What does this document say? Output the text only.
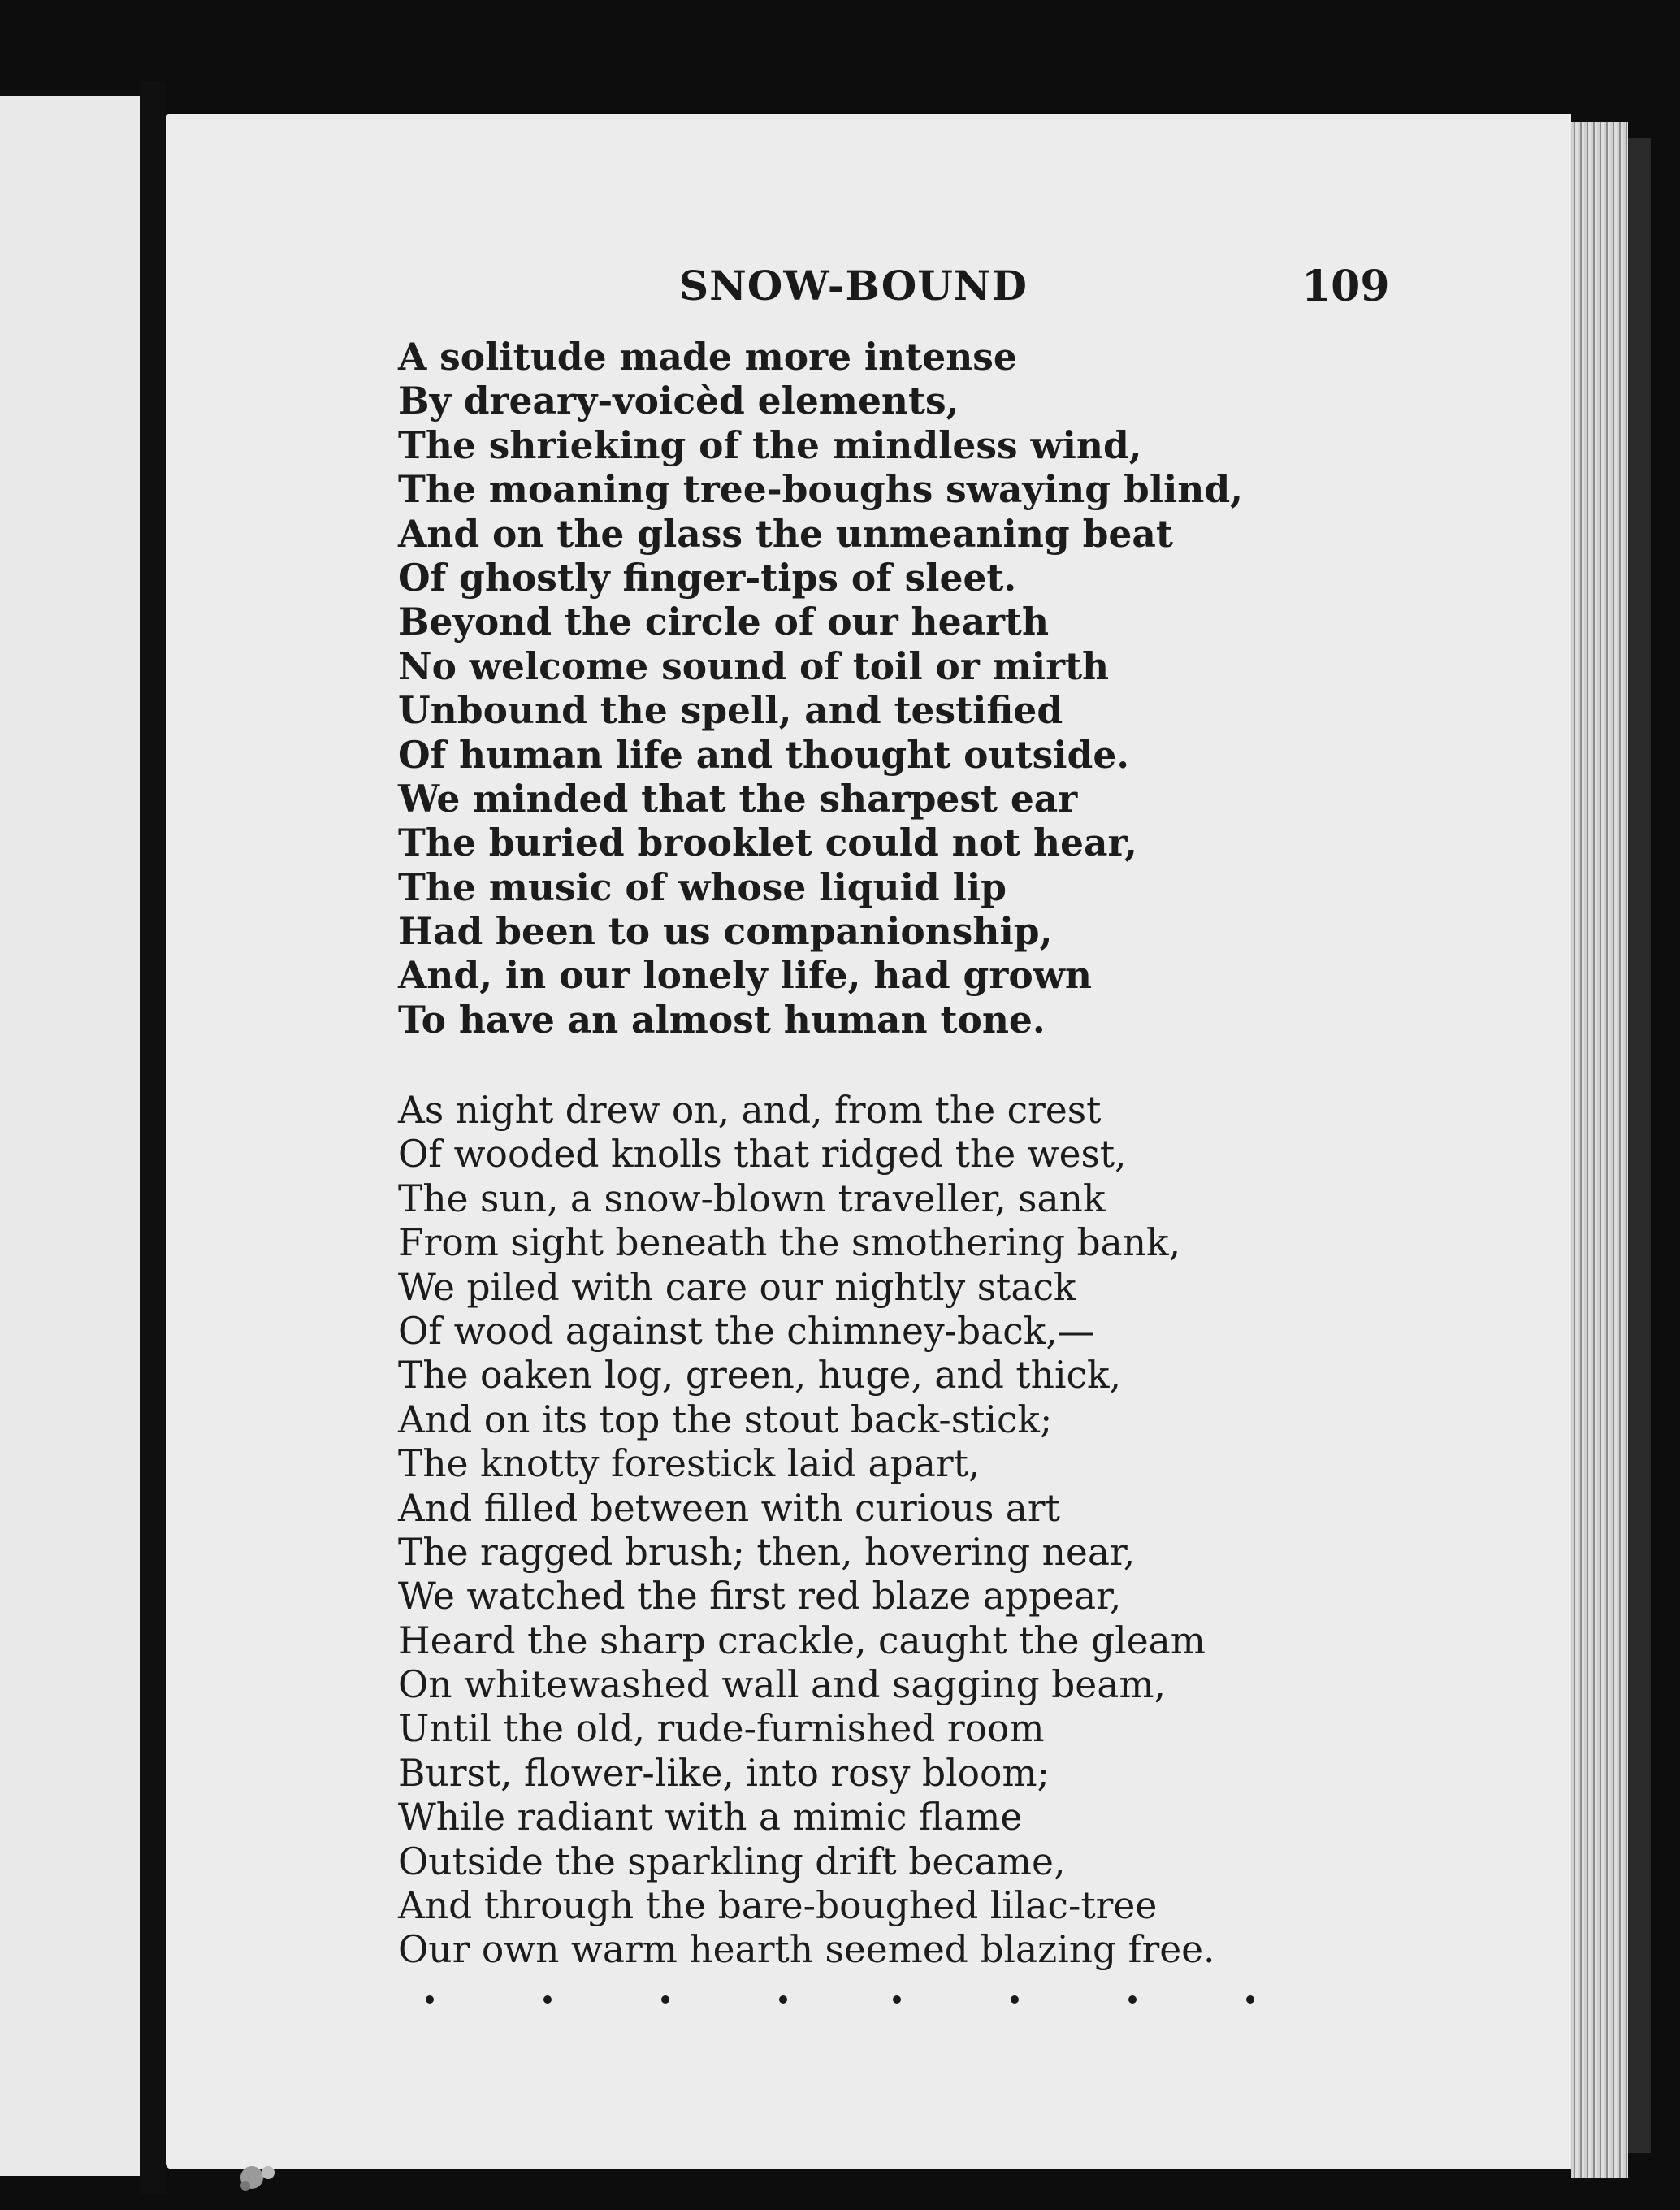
SNOW-BOUND	109
A solitude made more intense
By dreary-voicèd elements,
The shrieking of the mindless wind,
The moaning tree-boughs swaying blind,
And on the glass the unmeaning beat
Of ghostly finger-tips of sleet.
Beyond the circle of our hearth
No welcome sound of toil or mirth
Unbound the spell, and testified
Of human life and thought outside.
We minded that the sharpest ear
The buried brooklet could not hear,
The music of whose liquid lip
Had been to us companionship,
And, in our lonely life, had grown
To have an almost human tone.
As night drew on, and, from the crest
Of wooded knolls that ridged the west,
The sun, a snow-blown traveller, sank
From sight beneath the smothering bank,
We piled with care our nightly stack
Of wood against the chimney-back,—
The oaken log, green, huge, and thick,
And on its top the stout back-stick;
The knotty forestick laid apart,
And filled between with curious art
The ragged brush; then, hovering near,
We watched the first red blaze appear,
Heard the sharp crackle, caught the gleam
On whitewashed wall and sagging beam,
Until the old, rude-furnished room
Burst, flower-like, into rosy bloom;
While radiant with a mimic flame
Outside the sparkling drift became,
And through the bare-boughed lilac-tree
Our own warm hearth seemed blazing free.
